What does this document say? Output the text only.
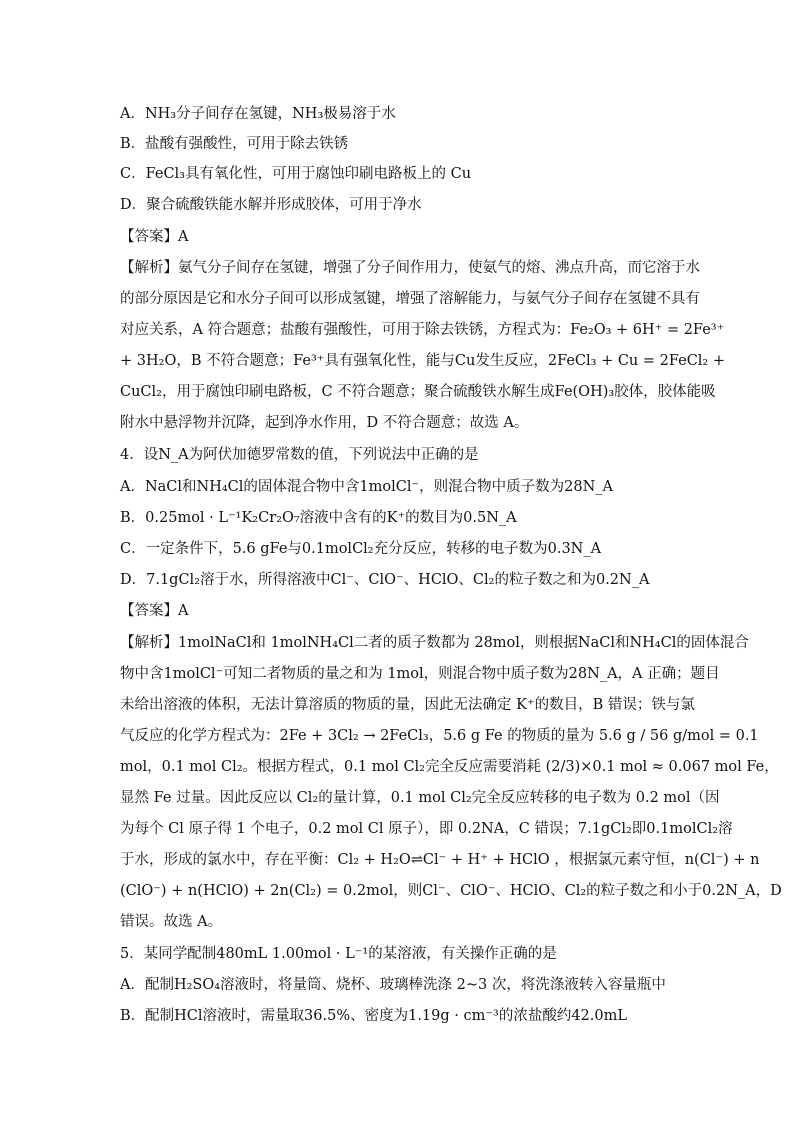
A．NH₃分子间存在氢键，NH₃极易溶于水
B．盐酸有强酸性，可用于除去铁锈
C．FeCl₃具有氧化性，可用于腐蚀印刷电路板上的 Cu
D．聚合硫酸铁能水解并形成胶体，可用于净水
【答案】A
【解析】氨气分子间存在氢键，增强了分子间作用力，使氨气的熔、沸点升高，而它溶于水
的部分原因是它和水分子间可以形成氢键，增强了溶解能力，与氨气分子间存在氢键不具有
对应关系，A 符合题意；盐酸有强酸性，可用于除去铁锈，方程式为：Fe₂O₃ + 6H⁺ = 2Fe³⁺
+ 3H₂O，B 不符合题意；Fe³⁺具有强氧化性，能与Cu发生反应，2FeCl₃ + Cu = 2FeCl₂ +
CuCl₂，用于腐蚀印刷电路板，C 不符合题意；聚合硫酸铁水解生成Fe(OH)₃胶体，胶体能吸
附水中悬浮物并沉降，起到净水作用，D 不符合题意；故选 A。
4．设N_A为阿伏加德罗常数的值，下列说法中正确的是
A．NaCl和NH₄Cl的固体混合物中含1molCl⁻，则混合物中质子数为28N_A
B．0.25mol · L⁻¹K₂Cr₂O₇溶液中含有的K⁺的数目为0.5N_A
C．一定条件下，5.6 gFe与0.1molCl₂充分反应，转移的电子数为0.3N_A
D．7.1gCl₂溶于水，所得溶液中Cl⁻、ClO⁻、HClO、Cl₂的粒子数之和为0.2N_A
【答案】A
【解析】1molNaCl和 1molNH₄Cl二者的质子数都为 28mol，则根据NaCl和NH₄Cl的固体混合
物中含1molCl⁻可知二者物质的量之和为 1mol，则混合物中质子数为28N_A，A 正确；题目
未给出溶液的体积，无法计算溶质的物质的量，因此无法确定 K⁺的数目，B 错误；铁与氯
气反应的化学方程式为：2Fe + 3Cl₂ → 2FeCl₃，5.6 g Fe 的物质的量为 5.6 g / 56 g/mol = 0.1
mol，0.1 mol Cl₂。根据方程式，0.1 mol Cl₂完全反应需要消耗 (2/3)×0.1 mol ≈ 0.067 mol Fe，
显然 Fe 过量。因此反应以 Cl₂的量计算，0.1 mol Cl₂完全反应转移的电子数为 0.2 mol（因
为每个 Cl 原子得 1 个电子，0.2 mol Cl 原子），即 0.2NA，C 错误；7.1gCl₂即0.1molCl₂溶
于水，形成的氯水中，存在平衡：Cl₂ + H₂O⇌Cl⁻ + H⁺ + HClO ，根据氯元素守恒，n(Cl⁻) + n
(ClO⁻) + n(HClO) + 2n(Cl₂) = 0.2mol，则Cl⁻、ClO⁻、HClO、Cl₂的粒子数之和小于0.2N_A，D
错误。故选 A。
5．某同学配制480mL 1.00mol · L⁻¹的某溶液，有关操作正确的是
A．配制H₂SO₄溶液时，将量筒、烧杯、玻璃棒洗涤 2~3 次，将洗涤液转入容量瓶中
B．配制HCl溶液时，需量取36.5%、密度为1.19g · cm⁻³的浓盐酸约42.0mL
